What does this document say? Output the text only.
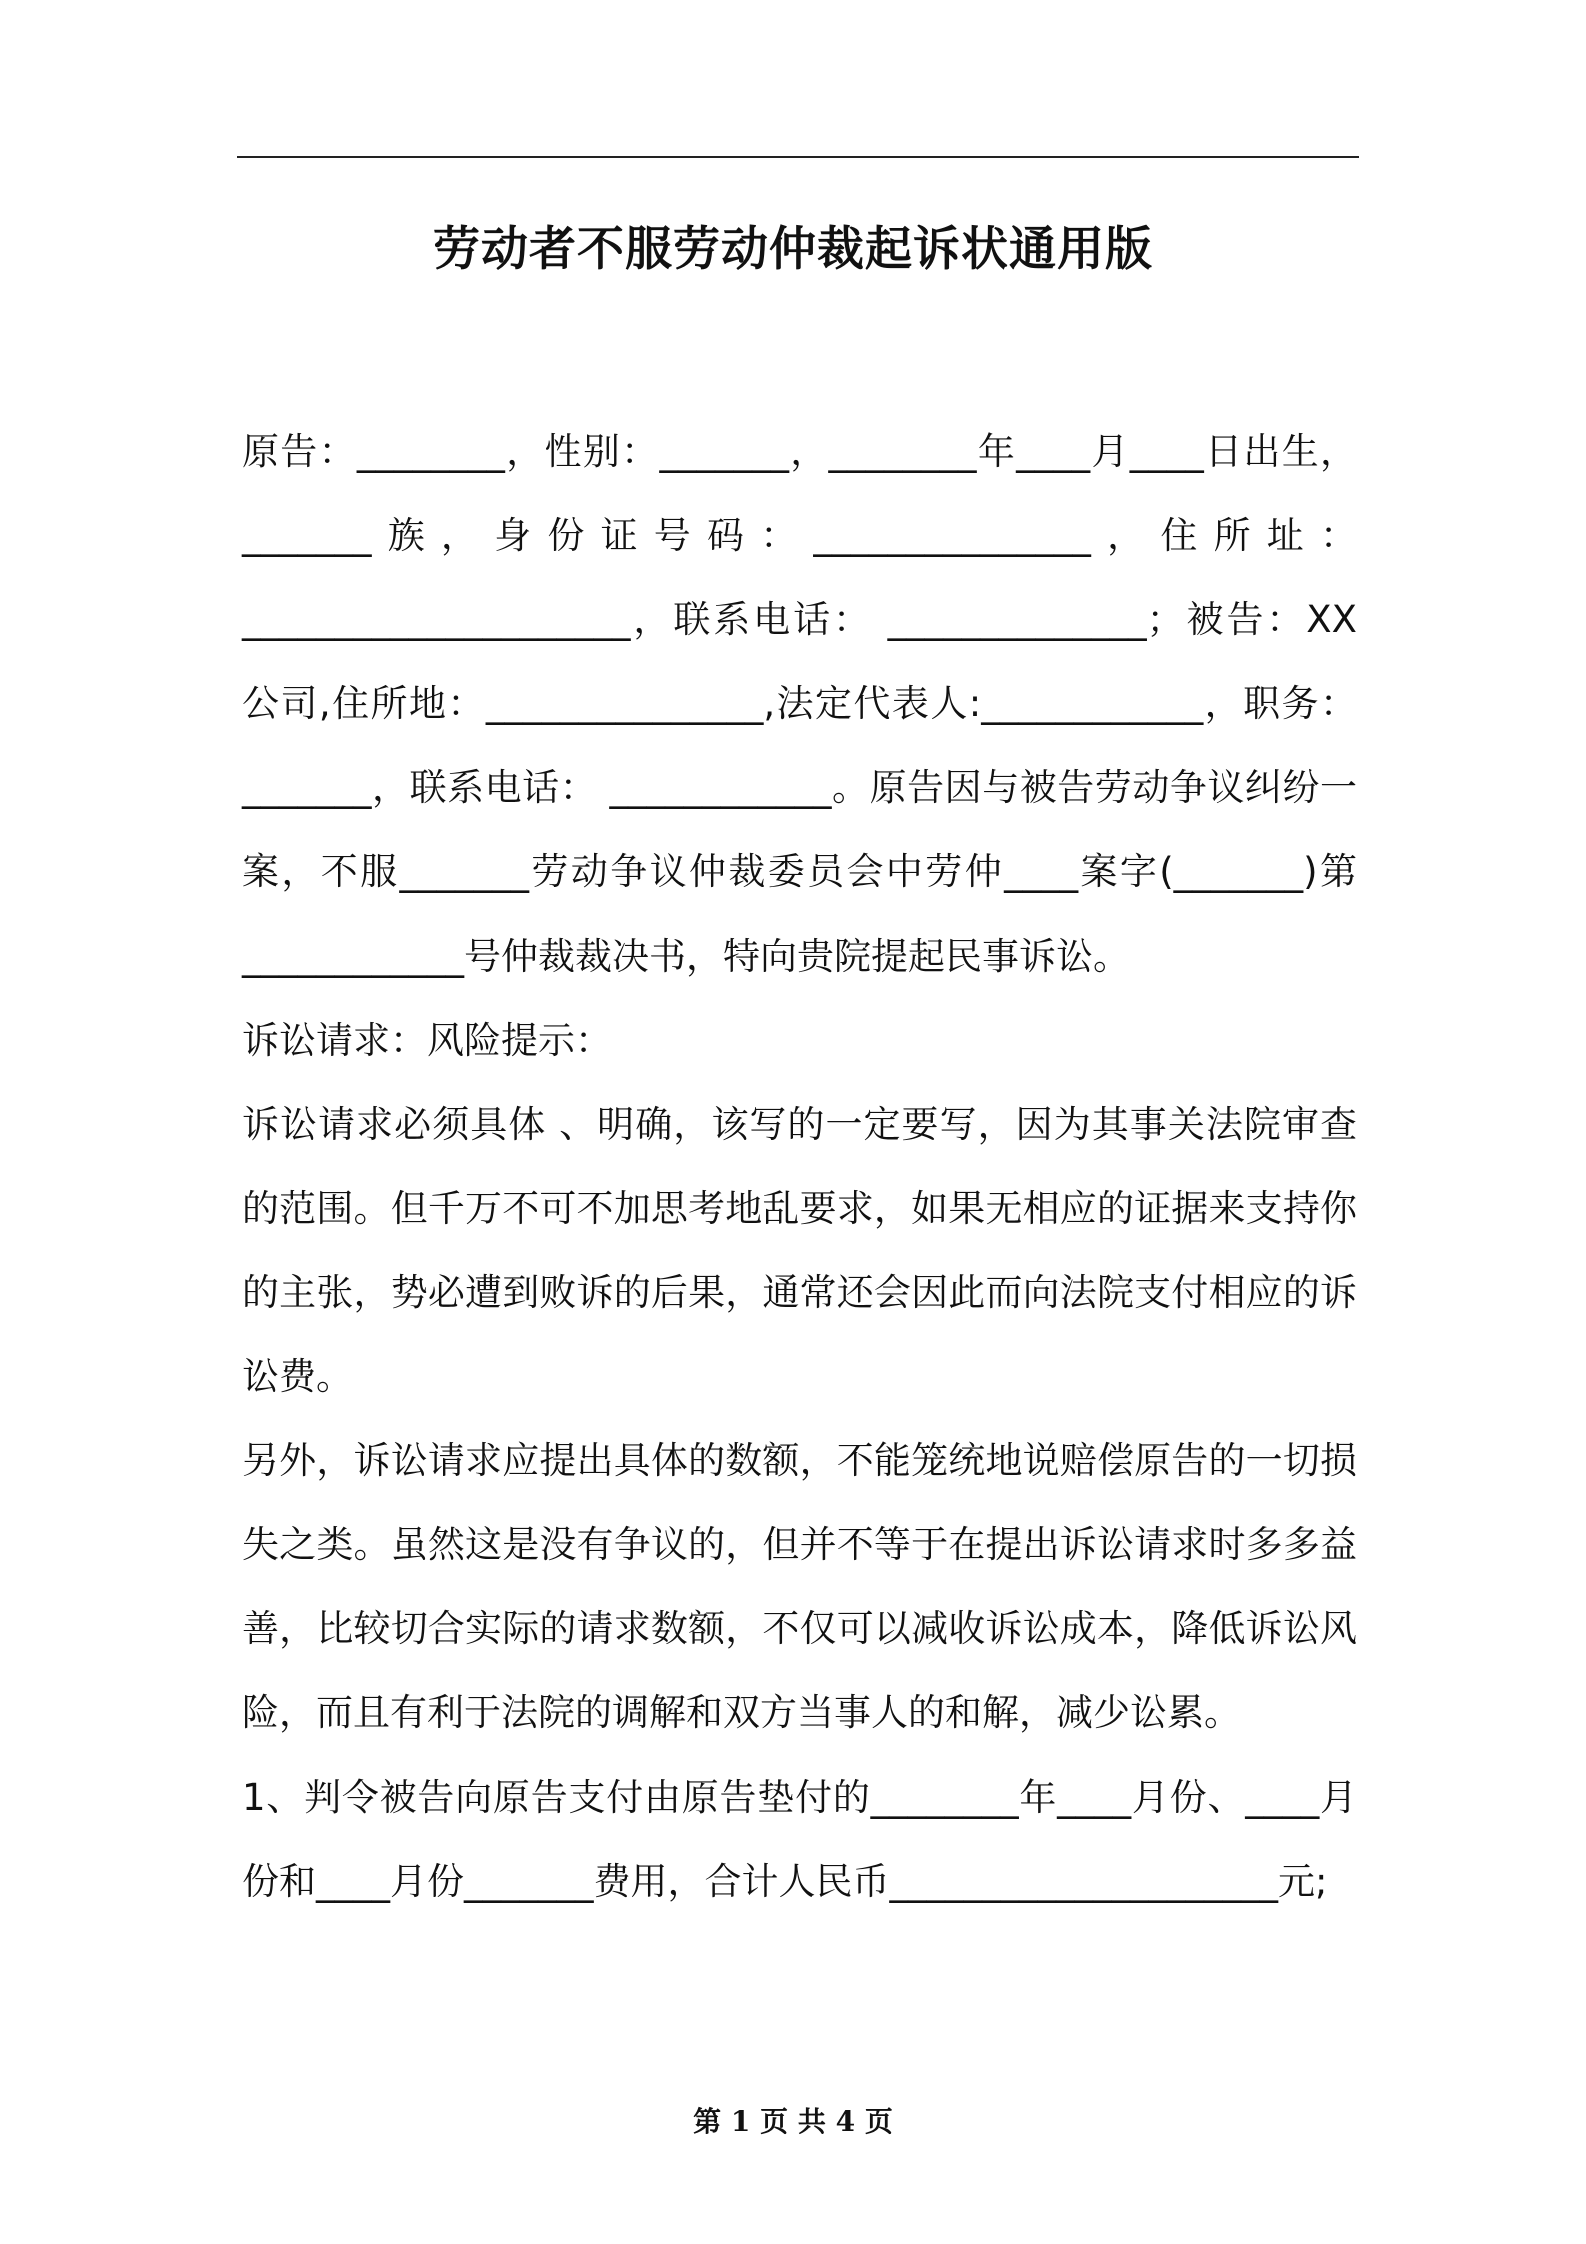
劳动者不服劳动仲裁起诉状通用版

原告：________，性别：_______，________年____月____日出生，_______族，身份证号码：_______________，住所址：_____________________，联系电话： ______________；被告：XX公司,住所地：_______________,法定代表人:____________，职务：_______，联系电话： ____________。原告因与被告劳动争议纠纷一案，不服_______劳动争议仲裁委员会中劳仲____案字(_______)第____________号仲裁裁决书，特向贵院提起民事诉讼。

诉讼请求：风险提示：

诉讼请求必须具体 、明确，该写的一定要写，因为其事关法院审查的范围。但千万不可不加思考地乱要求，如果无相应的证据来支持你的主张，势必遭到败诉的后果，通常还会因此而向法院支付相应的诉讼费。

另外，诉讼请求应提出具体的数额，不能笼统地说赔偿原告的一切损失之类。虽然这是没有争议的，但并不等于在提出诉讼请求时多多益善，比较切合实际的请求数额，不仅可以减收诉讼成本，降低诉讼风险，而且有利于法院的调解和双方当事人的和解，减少讼累。

1、判令被告向原告支付由原告垫付的________年____月份、____月份和____月份_______费用，合计人民币_____________________元;

第 1 页 共 4 页
